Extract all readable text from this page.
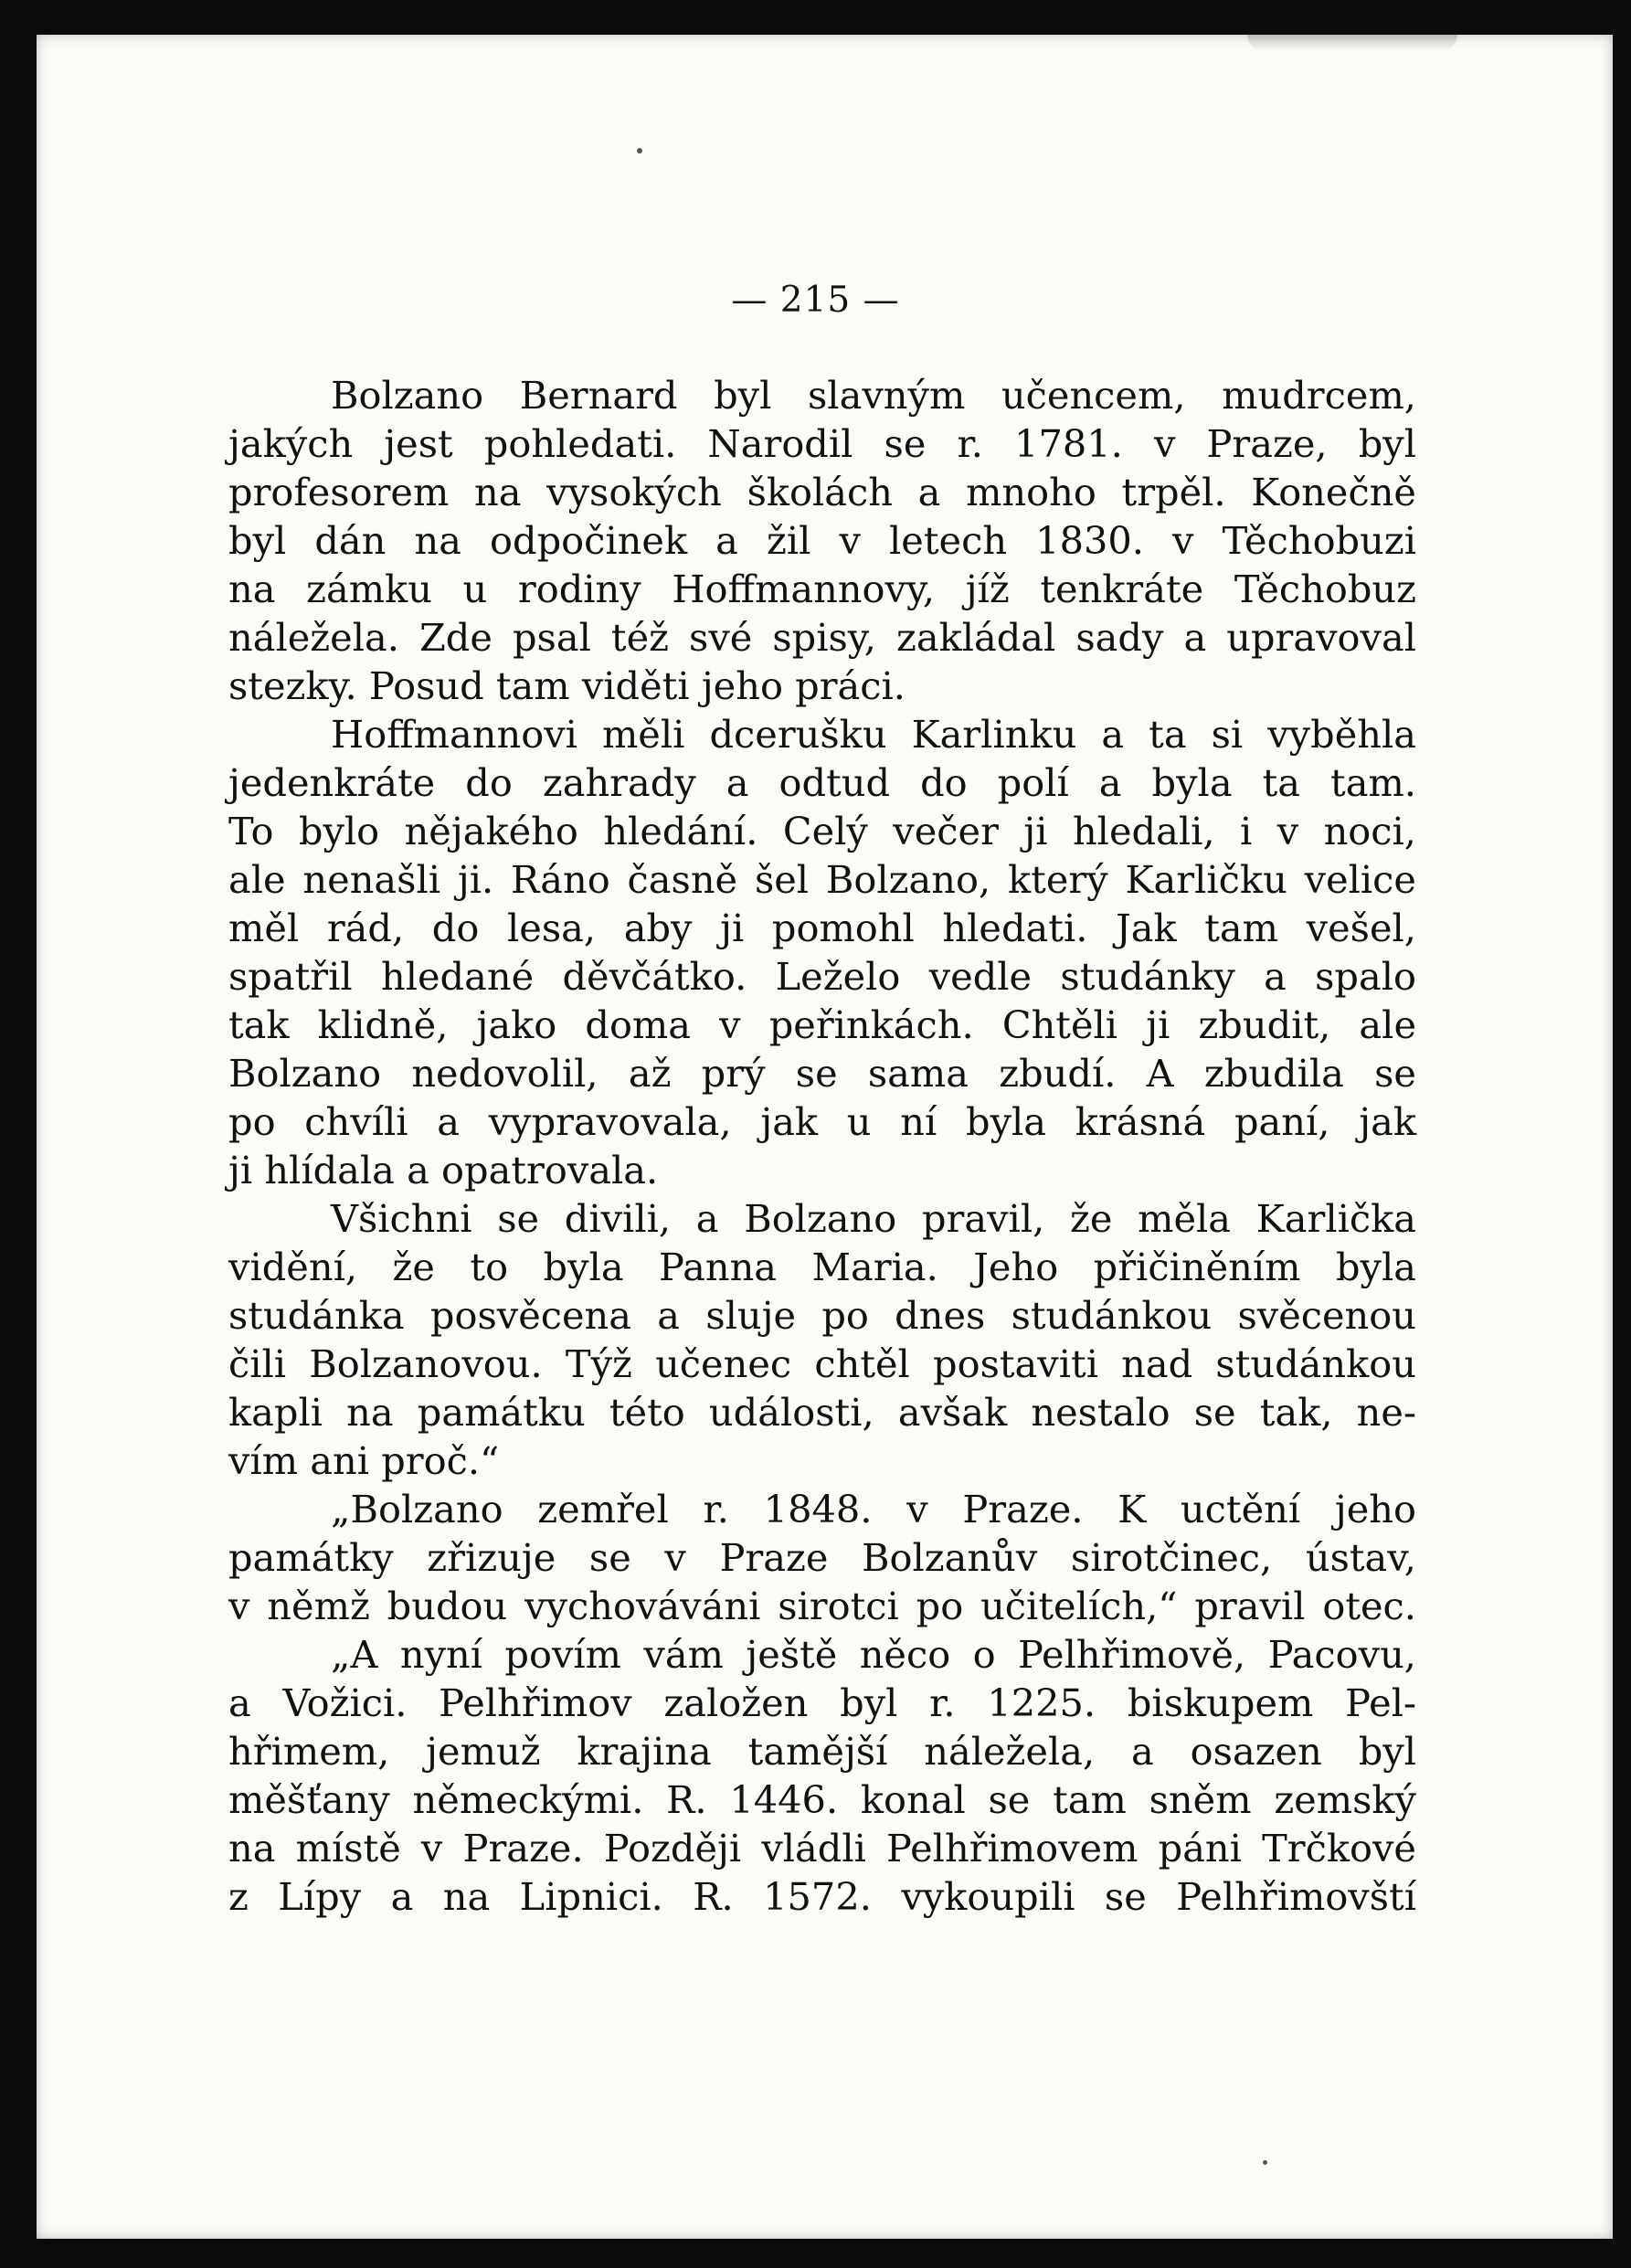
— 215 —
Bolzano Bernard byl slavným učencem, mudrcem,
jakých jest pohledati. Narodil se r. 1781. v Praze, byl
profesorem na vysokých školách a mnoho trpěl. Konečně
byl dán na odpočinek a žil v letech 1830. v Těchobuzi
na zámku u rodiny Hoffmannovy, jíž tenkráte Těchobuz
náležela. Zde psal též své spisy, zakládal sady a upravoval
stezky. Posud tam viděti jeho práci.
Hoffmannovi měli dcerušku Karlinku a ta si vyběhla
jedenkráte do zahrady a odtud do polí a byla ta tam.
To bylo nějakého hledání. Celý večer ji hledali, i v noci,
ale nenašli ji. Ráno časně šel Bolzano, který Karličku velice
měl rád, do lesa, aby ji pomohl hledati. Jak tam vešel,
spatřil hledané děvčátko. Leželo vedle studánky a spalo
tak klidně, jako doma v peřinkách. Chtěli ji zbudit, ale
Bolzano nedovolil, až prý se sama zbudí. A zbudila se
po chvíli a vypravovala, jak u ní byla krásná paní, jak
ji hlídala a opatrovala.
Všichni se divili, a Bolzano pravil, že měla Karlička
vidění, že to byla Panna Maria. Jeho přičiněním byla
studánka posvěcena a sluje po dnes studánkou svěcenou
čili Bolzanovou. Týž učenec chtěl postaviti nad studánkou
kapli na památku této události, avšak nestalo se tak, ne-
vím ani proč.“
„Bolzano zemřel r. 1848. v Praze. K uctění jeho
památky zřizuje se v Praze Bolzanův sirotčinec, ústav,
v němž budou vychováváni sirotci po učitelích,“ pravil otec.
„A nyní povím vám ještě něco o Pelhřimově, Pacovu,
a Vožici. Pelhřimov založen byl r. 1225. biskupem Pel-
hřimem, jemuž krajina tamější náležela, a osazen byl
měšťany německými. R. 1446. konal se tam sněm zemský
na místě v Praze. Později vládli Pelhřimovem páni Trčkové
z Lípy a na Lipnici. R. 1572. vykoupili se Pelhřimovští
